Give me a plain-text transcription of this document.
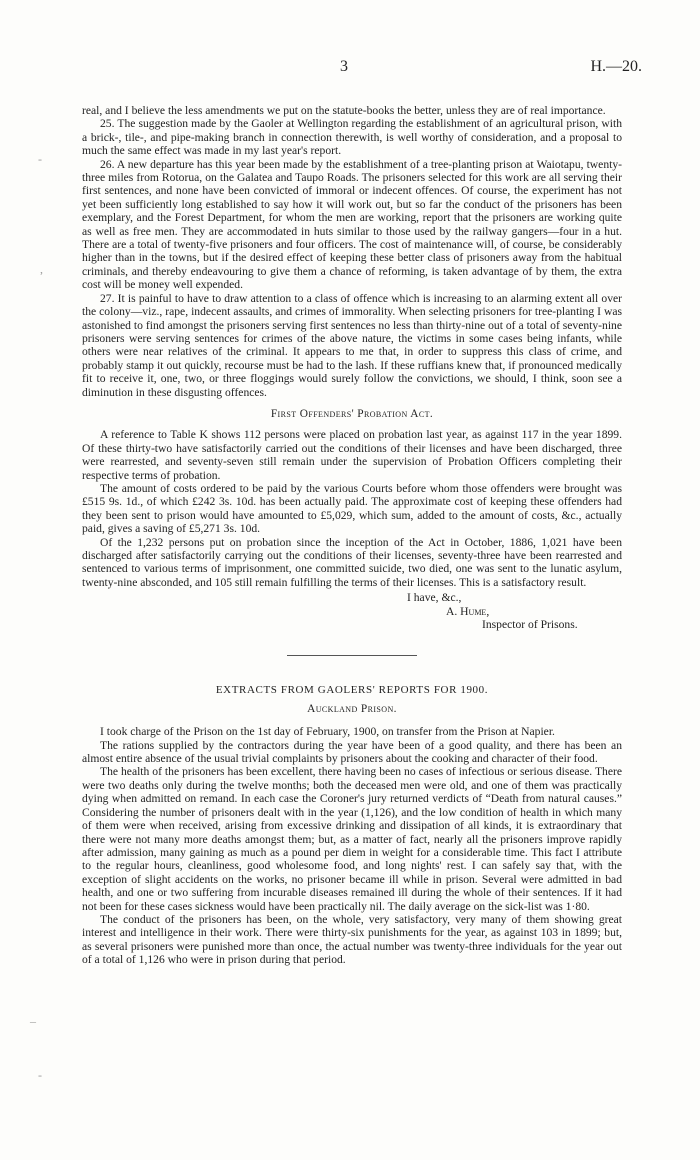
3	H.—20.
-
,
–
‐

real, and I believe the less amendments we put on the statute-books the better, unless they are of real importance.

25. The suggestion made by the Gaoler at Wellington regarding the establishment of an agricultural prison, with a brick-, tile-, and pipe-making branch in connection therewith, is well worthy of consideration, and a proposal to much the same effect was made in my last year's report.

26. A new departure has this year been made by the establishment of a tree-planting prison at Waiotapu, twenty-three miles from Rotorua, on the Galatea and Taupo Roads. The prisoners selected for this work are all serving their first sentences, and none have been convicted of immoral or indecent offences. Of course, the experiment has not yet been sufficiently long established to say how it will work out, but so far the conduct of the prisoners has been exemplary, and the Forest Department, for whom the men are working, report that the prisoners are working quite as well as free men. They are accommodated in huts similar to those used by the railway gangers—four in a hut. There are a total of twenty-five prisoners and four officers. The cost of maintenance will, of course, be considerably higher than in the towns, but if the desired effect of keeping these better class of prisoners away from the habitual criminals, and thereby endeavouring to give them a chance of reforming, is taken advantage of by them, the extra cost will be money well expended.

27. It is painful to have to draw attention to a class of offence which is increasing to an alarming extent all over the colony—viz., rape, indecent assaults, and crimes of immorality. When selecting prisoners for tree-planting I was astonished to find amongst the prisoners serving first sentences no less than thirty-nine out of a total of seventy-nine prisoners were serving sentences for crimes of the above nature, the victims in some cases being infants, while others were near relatives of the criminal. It appears to me that, in order to suppress this class of crime, and probably stamp it out quickly, recourse must be had to the lash. If these ruffians knew that, if pronounced medically fit to receive it, one, two, or three floggings would surely follow the convictions, we should, I think, soon see a diminution in these disgusting offences.

First Offenders' Probation Act.

A reference to Table K shows 112 persons were placed on probation last year, as against 117 in the year 1899. Of these thirty-two have satisfactorily carried out the conditions of their licenses and have been discharged, three were rearrested, and seventy-seven still remain under the supervision of Probation Officers completing their respective terms of probation.

The amount of costs ordered to be paid by the various Courts before whom those offenders were brought was £515 9s. 1d., of which £242 3s. 10d. has been actually paid. The approximate cost of keeping these offenders had they been sent to prison would have amounted to £5,029, which sum, added to the amount of costs, &c., actually paid, gives a saving of £5,271 3s. 10d.

Of the 1,232 persons put on probation since the inception of the Act in October, 1886, 1,021 have been discharged after satisfactorily carrying out the conditions of their licenses, seventy-three have been rearrested and sentenced to various terms of imprisonment, one committed suicide, two died, one was sent to the lunatic asylum, twenty-nine absconded, and 105 still remain fulfilling the terms of their licenses. This is a satisfactory result.

I have, &c.,
A. Hume,
Inspector of Prisons.
EXTRACTS FROM GAOLERS' REPORTS FOR 1900.
Auckland Prison.

I took charge of the Prison on the 1st day of February, 1900, on transfer from the Prison at Napier.

The rations supplied by the contractors during the year have been of a good quality, and there has been an almost entire absence of the usual trivial complaints by prisoners about the cooking and character of their food.

The health of the prisoners has been excellent, there having been no cases of infectious or serious disease. There were two deaths only during the twelve months; both the deceased men were old, and one of them was practically dying when admitted on remand. In each case the Coroner's jury returned verdicts of “Death from natural causes.” Considering the number of prisoners dealt with in the year (1,126), and the low condition of health in which many of them were when received, arising from excessive drinking and dissipation of all kinds, it is extraordinary that there were not many more deaths amongst them; but, as a matter of fact, nearly all the prisoners improve rapidly after admission, many gaining as much as a pound per diem in weight for a considerable time. This fact I attribute to the regular hours, cleanliness, good wholesome food, and long nights' rest. I can safely say that, with the exception of slight accidents on the works, no prisoner became ill while in prison. Several were admitted in bad health, and one or two suffering from incurable diseases remained ill during the whole of their sentences. If it had not been for these cases sickness would have been practically nil. The daily average on the sick-list was 1·80.

The conduct of the prisoners has been, on the whole, very satisfactory, very many of them showing great interest and intelligence in their work. There were thirty-six punishments for the year, as against 103 in 1899; but, as several prisoners were punished more than once, the actual number was twenty-three individuals for the year out of a total of 1,126 who were in prison during that period.
